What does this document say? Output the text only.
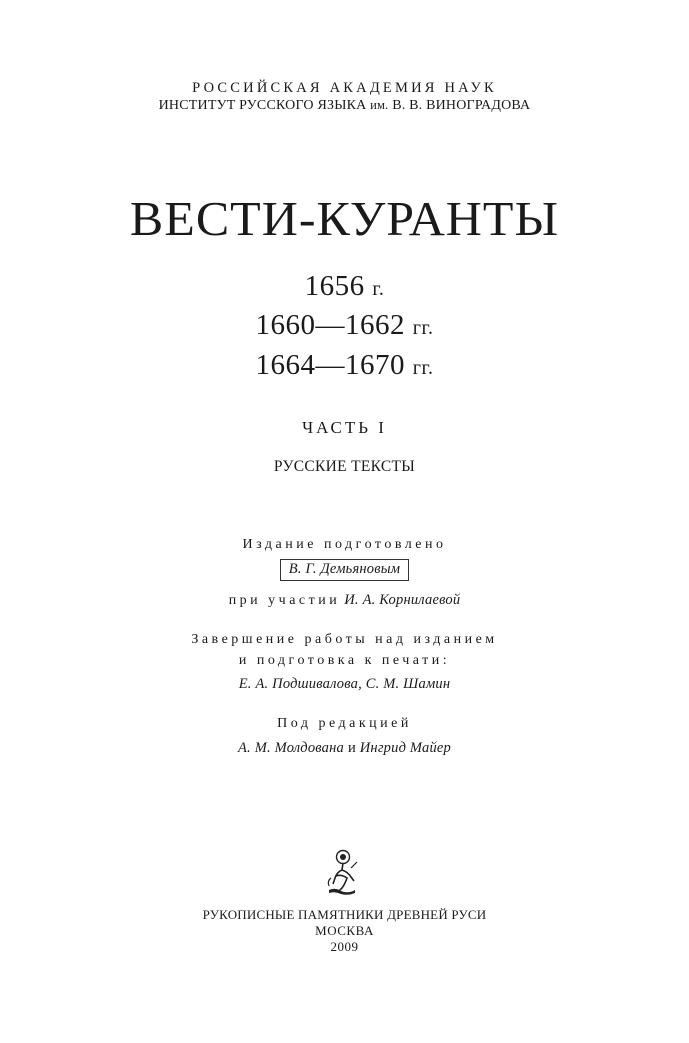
РОССИЙСКАЯ АКАДЕМИЯ НАУК
ИНСТИТУТ РУССКОГО ЯЗЫКА им. В. В. ВИНОГРАДОВА
ВЕСТИ-КУРАНТЫ
1656 г.
1660—1662 гг.
1664—1670 гг.
ЧАСТЬ I
РУССКИЕ ТЕКСТЫ
Издание подготовлено
В. Г. Демьяновым
при участии И. А. Корнилаевой
Завершение работы над изданием
и подготовка к печати:
Е. А. Подшивалова, С. М. Шамин
Под редакцией
А. М. Молдована и Ингрид Майер
РУКОПИСНЫЕ ПАМЯТНИКИ ДРЕВНЕЙ РУСИ
МОСКВА
2009
